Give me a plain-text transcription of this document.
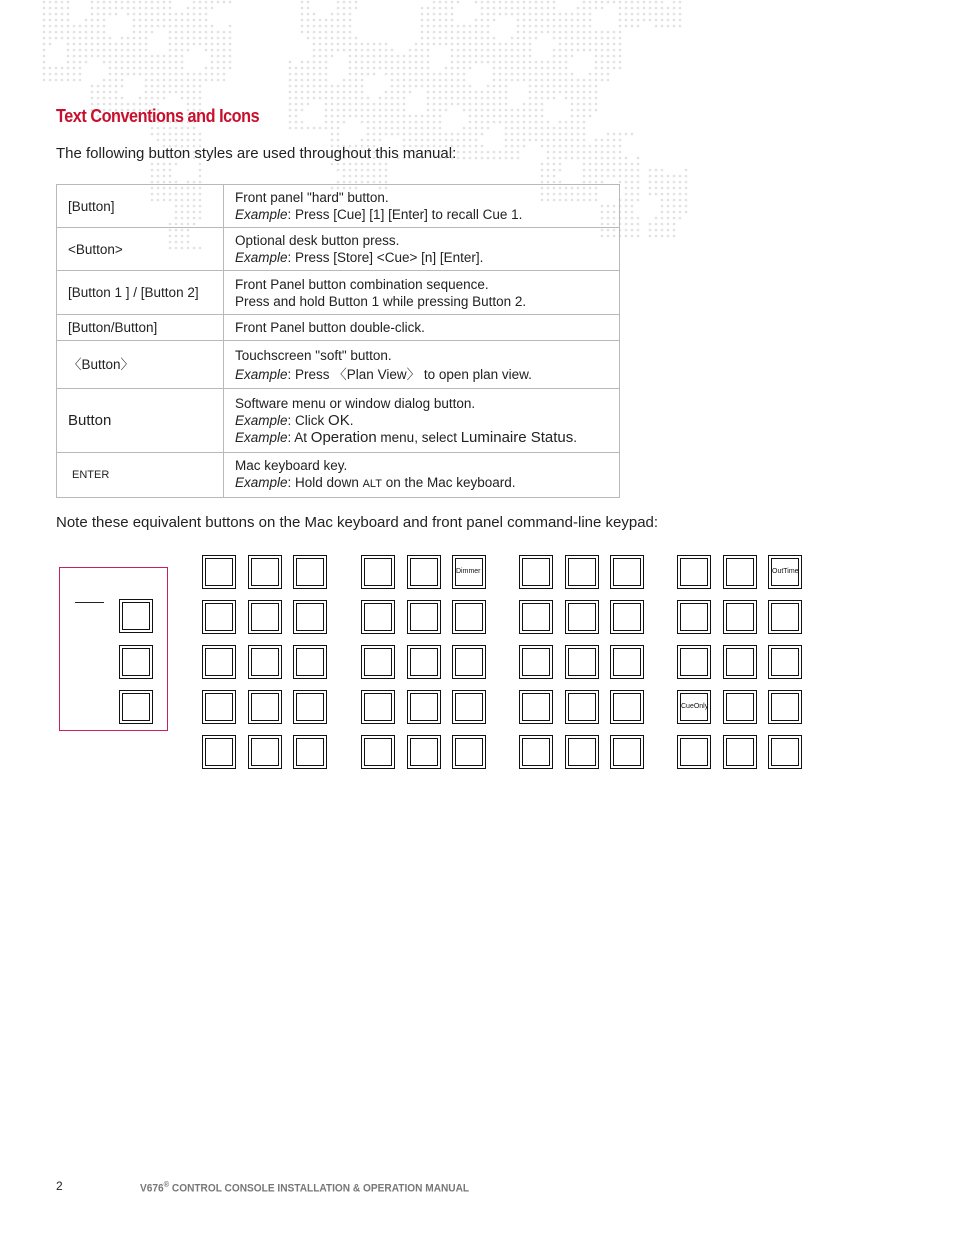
Text Conventions and Icons

The following button styles are used throughout this manual:

[Button]	Front panel "hard" button.
Example: Press [Cue] [1] [Enter] to recall Cue 1.

<Button>	Optional desk button press.
Example: Press [Store] <Cue> [n] [Enter].

[Button 1 ] / [Button 2]	Front Panel button combination sequence.
Press and hold Button 1 while pressing Button 2.

[Button/Button]	Front Panel button double-click.

〈Button〉	Touchscreen "soft" button.
Example: Press 〈Plan View〉 to open plan view.

Button	Software menu or window dialog button.
Example: Click OK.
Example: At Operation menu, select Luminaire Status.

ENTER	Mac keyboard key.
Example: Hold down ALT on the Mac keyboard.

Note these equivalent buttons on the Mac keyboard and front panel command-line keypad:

Dimmer
CueOnly
OutTime
2	V676® CONTROL CONSOLE INSTALLATION & OPERATION MANUAL
